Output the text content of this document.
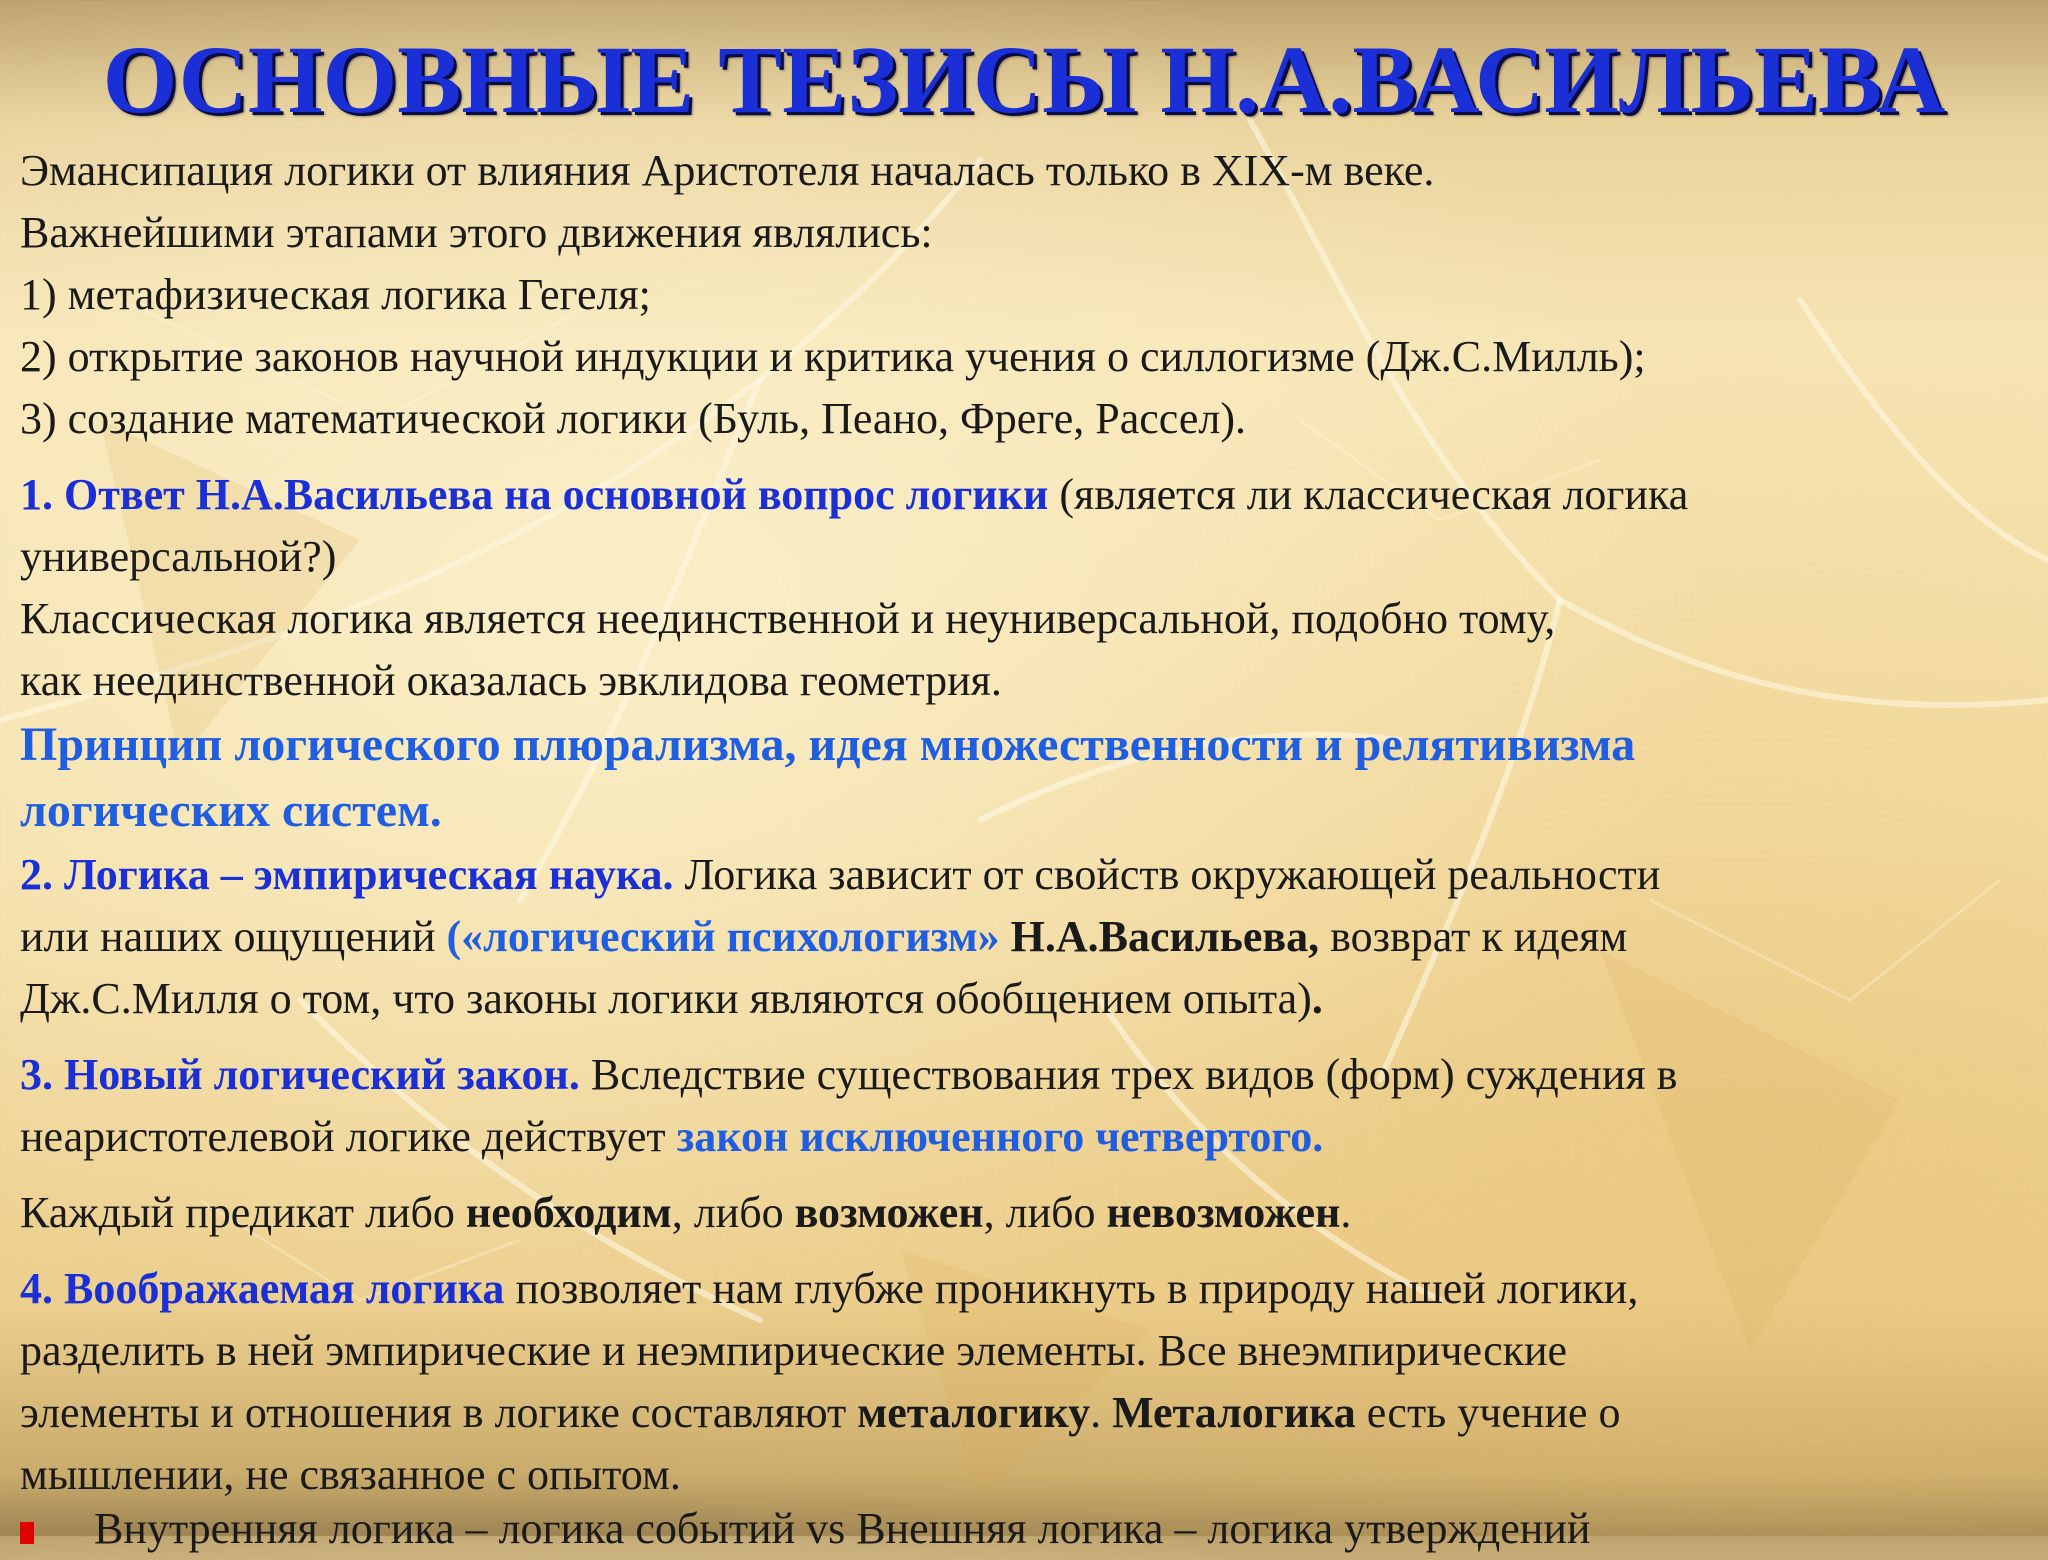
ОСНОВНЫЕ ТЕЗИСЫ Н.А.ВАСИЛЬЕВА
Эмансипация логики от влияния Аристотеля началась только в XIX-м веке.
Важнейшими этапами этого движения являлись:
1) метафизическая логика Гегеля;
2) открытие законов научной индукции и критика учения о силлогизме (Дж.С.Милль);
3) создание математической логики (Буль, Пеано, Фреге, Рассел).
1. Ответ Н.А.Васильева на основной вопрос логики (является ли классическая логика
универсальной?)
Классическая логика является неединственной и неуниверсальной, подобно тому,
как неединственной оказалась эвклидова геометрия.
Принцип логического плюрализма, идея множественности и релятивизма
логических систем.
2. Логика – эмпирическая наука. Логика зависит от свойств окружающей реальности
или наших ощущений («логический психологизм» Н.А.Васильева, возврат к идеям
Дж.С.Милля о том, что законы логики являются обобщением опыта).
3. Новый логический закон. Вследствие существования трех видов (форм) суждения в
неаристотелевой логике действует закон исключенного четвертого.
Каждый предикат либо необходим, либо возможен, либо невозможен.
4. Воображаемая логика позволяет нам глубже проникнуть в природу нашей логики,
разделить в ней эмпирические и неэмпирические элементы. Все внеэмпирические
элементы и отношения в логике составляют металогику. Металогика есть учение о
мышлении, не связанное с опытом.
Внутренняя логика – логика событий vs Внешняя логика – логика утверждений
